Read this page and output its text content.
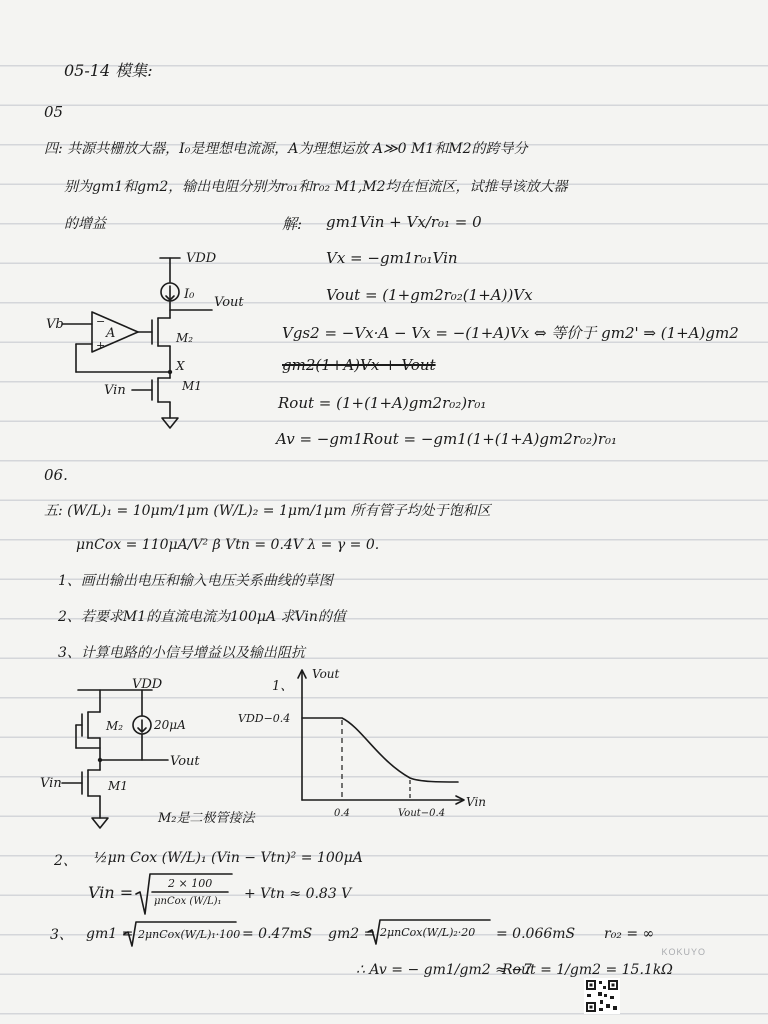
05-14 模集:
05
四: 共源共栅放大器，I₀是理想电流源，A为理想运放 A≫0 M1和M2的跨导分
别为gm1和gm2，输出电阻分别为r₀₁和r₀₂ M1,M2均在恒流区，试推导该放大器
的增益	解: gm1Vin + Vx/r₀₁ = 0
Vx = −gm1r₀₁Vin
Vout = (1+gm2r₀₂(1+A))Vx
Vgs2 = −Vx·A − Vx = −(1+A)Vx ⇔ 等价于 gm2' ⇒ (1+A)gm2
gm2(1+A)Vx + Vout
Rout = (1+(1+A)gm2r₀₂)r₀₁
Av = −gm1Rout = −gm1(1+(1+A)gm2r₀₂)r₀₁
VDD
I₀
Vout
M₂
A
−
+
Vb
X
Vin	M1
06.
五: (W/L)₁ = 10μm/1μm (W/L)₂ = 1μm/1μm 所有管子均处于饱和区
μnCox = 110μA/V² β Vtn = 0.4V λ = γ = 0.
1、画出输出电压和输入电压关系曲线的草图
2、若要求M1的直流电流为100μA 求Vin的值
3、计算电路的小信号增益以及输出阻抗
VDD
M₂	20μA
Vout
Vin	M1
M₂是二极管接法
1、
Vout
Vin
VDD−0.4
0.4	Vout−0.4
2、 ½μn Cox (W/L)₁ (Vin − Vtn)² = 100μA
Vin =	2 × 100
μnCox (W/L)₁ + Vtn ≈ 0.83 V
3、 gm1 = 2μnCox(W/L)₁·100 = 0.47mS gm2 = 2μnCox(W/L)₂·20 = 0.066mS r₀₂ = ∞
∴ Av = − gm1/gm2 ≈ −7
Rout = 1/gm2 = 15.1kΩ
KOKUYO
